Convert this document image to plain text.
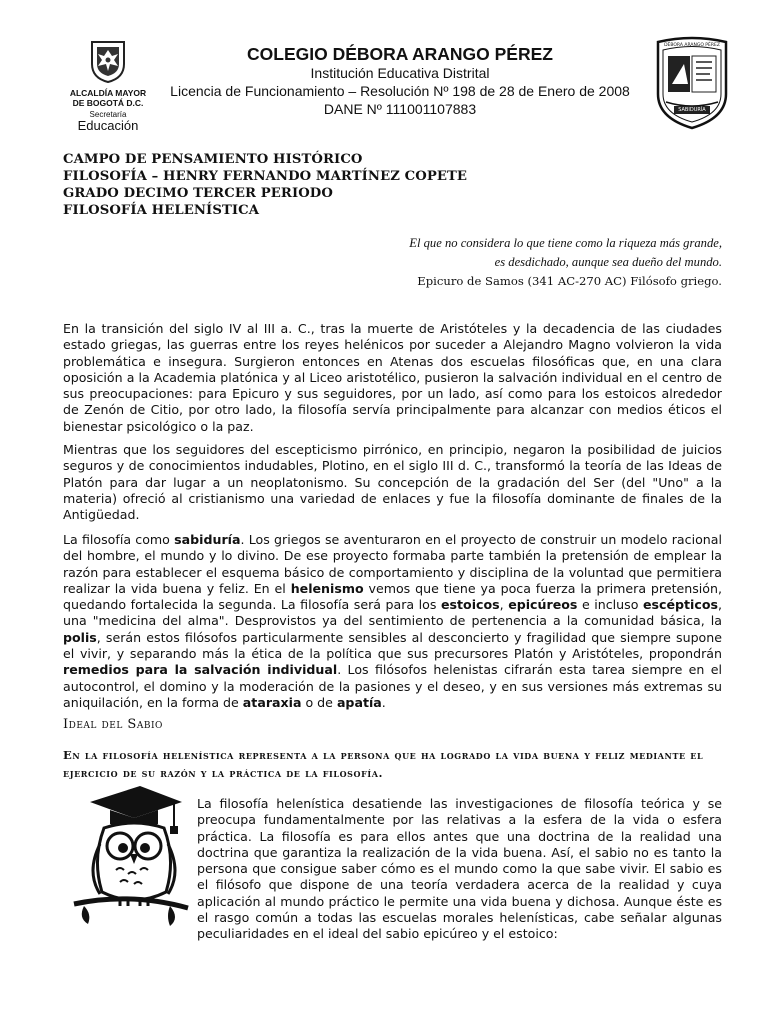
ALCALDÍA MAYOR
DE BOGOTÁ D.C.
Secretaría
Educación
COLEGIO DÉBORA ARANGO PÉREZ
Institución Educativa Distrital
Licencia de Funcionamiento – Resolución Nº 198 de 28 de Enero de 2008
DANE Nº 111001107883
DÉBORA ARANGO PÉREZ
SABIDURÍA
CAMPO DE PENSAMIENTO HISTÓRICO
FILOSOFÍA – HENRY FERNANDO MARTÍNEZ COPETE
GRADO DECIMO TERCER PERIODO
FILOSOFÍA HELENÍSTICA
El que no considera lo que tiene como la riqueza más grande,
es desdichado, aunque sea dueño del mundo.
Epicuro de Samos (341 AC-270 AC) Filósofo griego.
En la transición del siglo IV al III a. C., tras la muerte de Aristóteles y la decadencia de las ciudades estado griegas, las guerras entre los reyes helénicos por suceder a Alejandro Magno volvieron la vida problemática e insegura. Surgieron entonces en Atenas dos escuelas filosóficas que, en una clara oposición a la Academia platónica y al Liceo aristotélico, pusieron la salvación individual en el centro de sus preocupaciones: para Epicuro y sus seguidores, por un lado, así como para los estoicos alrededor de Zenón de Citio, por otro lado, la filosofía servía principalmente para alcanzar con medios éticos el bienestar psicológico o la paz.
Mientras que los seguidores del escepticismo pirrónico, en principio, negaron la posibilidad de juicios seguros y de conocimientos indudables, Plotino, en el siglo III d. C., transformó la teoría de las Ideas de Platón para dar lugar a un neoplatonismo. Su concepción de la gradación del Ser (del "Uno" a la materia) ofreció al cristianismo una variedad de enlaces y fue la filosofía dominante de finales de la Antigüedad.
La filosofía como sabiduría. Los griegos se aventuraron en el proyecto de construir un modelo racional del hombre, el mundo y lo divino. De ese proyecto formaba parte también la pretensión de emplear la razón para establecer el esquema básico de comportamiento y disciplina de la voluntad que permitiera realizar la vida buena y feliz. En el helenismo vemos que tiene ya poca fuerza la primera pretensión, quedando fortalecida la segunda. La filosofía será para los estoicos, epicúreos e incluso escépticos, una "medicina del alma". Desprovistos ya del sentimiento de pertenencia a la comunidad básica, la polis, serán estos filósofos particularmente sensibles al desconcierto y fragilidad que siempre supone el vivir, y separando más la ética de la política que sus precursores Platón y Aristóteles, propondrán remedios para la salvación individual. Los filósofos helenistas cifrarán esta tarea siempre en el autocontrol, el domino y la moderación de la pasiones y el deseo, y en sus versiones más extremas su aniquilación, en la forma de ataraxia o de apatía.
Ideal del Sabio
En la filosofía helenística representa a la persona que ha logrado la vida buena y feliz mediante el ejercicio de su razón y la práctica de la filosofía.
La filosofía helenística desatiende las investigaciones de filosofía teórica y se preocupa fundamentalmente por las relativas a la esfera de la vida o esfera práctica. La filosofía es para ellos antes que una doctrina de la realidad una doctrina que garantiza la realización de la vida buena. Así, el sabio no es tanto la persona que consigue saber cómo es el mundo como la que sabe vivir. El sabio es el filósofo que dispone de una teoría verdadera acerca de la realidad y cuya aplicación al mundo práctico le permite una vida buena y dichosa. Aunque éste es el rasgo común a todas las escuelas morales helenísticas, cabe señalar algunas peculiaridades en el ideal del sabio epicúreo y el estoico:
